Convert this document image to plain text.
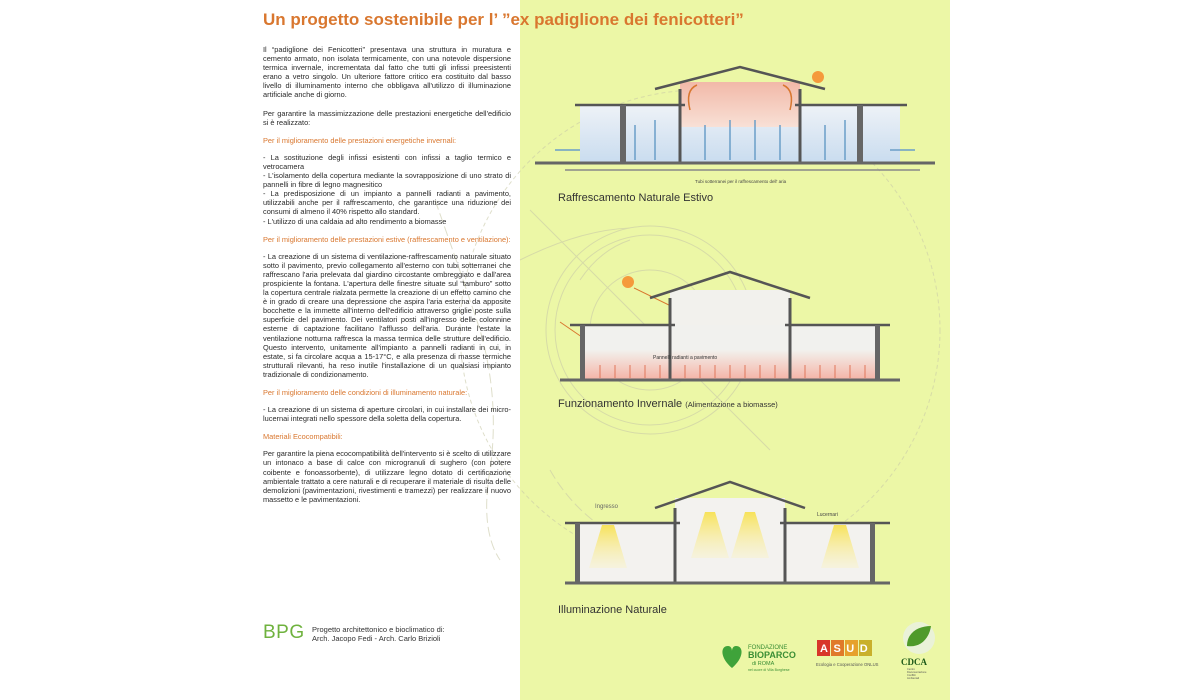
Un progetto sostenibile per l’ ”ex padiglione dei fenicotteri”

Il “padiglione dei Fenicotteri” presentava una struttura in muratura e cemento armato, non isolata termicamente, con una notevole dispersione termica invernale, incrementata dal fatto che tutti gli infissi preesistenti erano a vetro singolo. Un ulteriore fattore critico era costituito dal basso livello di illuminamento interno che obbligava all'utilizzo di illuminazione artificiale anche di giorno.

Per garantire la massimizzazione delle prestazioni energetiche dell'edificio si è realizzato:

Per il miglioramento delle prestazioni energetiche invernali:

- La sostituzione degli infissi esistenti con infissi a taglio termico e vetrocamera

- L'isolamento della copertura mediante la sovrapposizione di uno strato di pannelli in fibre di legno magnesitico

- La predisposizione di un impianto a pannelli radianti a pavimento, utilizzabili anche per il raffrescamento, che garantisce una riduzione dei consumi di almeno il 40% rispetto allo standard.

- L'utilizzo di una caldaia ad alto rendimento a biomasse

Per il miglioramento delle prestazioni estive (raffrescamento e ventilazione):

- La creazione di un sistema di ventilazione-raffrescamento naturale situato sotto il pavimento, previo collegamento all'esterno con tubi sotterranei che raffrescano l'aria prelevata dal giardino circostante ombreggiato e dall'area prospiciente la fontana. L'apertura delle finestre situate sul “tamburo” sotto la copertura centrale rialzata permette la creazione di un effetto camino che è in grado di creare una depressione che aspira l'aria esterna da apposite bocchette e la immette all'interno dell'edificio attraverso griglie poste sulla superficie del pavimento. Dei ventilatori posti all'ingresso delle colonnine esterne di captazione facilitano l'afflusso dell'aria. Durante l'estate la ventilazione notturna raffresca la massa termica delle strutture dell'edificio. Questo intervento, unitamente all'impianto a pannelli radianti in cui, in estate, si fa circolare acqua a 15-17°C, e alla presenza di masse termiche strutturali rilevanti, ha reso inutile l'installazione di un qualsiasi impianto tradizionale di condizionamento.

Per il miglioramento delle condizioni di illuminamento naturale:

- La creazione di un sistema di aperture circolari, in cui installare dei micro-lucernai integrati nello spessore della soletta della copertura.

Materiali Ecocompatibili:

Per garantire la piena ecocompatibilità dell'intervento si è scelto di utilizzare un intonaco a base di calce con microgranuli di sughero (con potere coibente e fonoassorbente), di utilizzare legno dotato di certificazione ambientale trattato a cere naturali e di recuperare il materiale di risulta delle demolizioni (pavimentazioni, rivestimenti e tramezzi) per realizzare il nuovo massetto e le pavimentazioni.

BPG Progetto architettonico e bioclimatico di:
Arch. Jacopo Fedi - Arch. Carlo Brizioli
Tubi sotterranei per il raffrescamento dell' aria
Raffrescamento Naturale Estivo
Pannelli radianti a pavimento
Funzionamento Invernale (Alimentazione a biomasse)
Ingresso
Lucernari
Illuminazione Naturale
FONDAZIONE
BIOPARCO
di ROMA
nel cuore di Villa Borghese
ASUD
Ecologia e Cooperazione ONLUS	CDCA
Centro
Documentazione
Conflitti
Ambientali
